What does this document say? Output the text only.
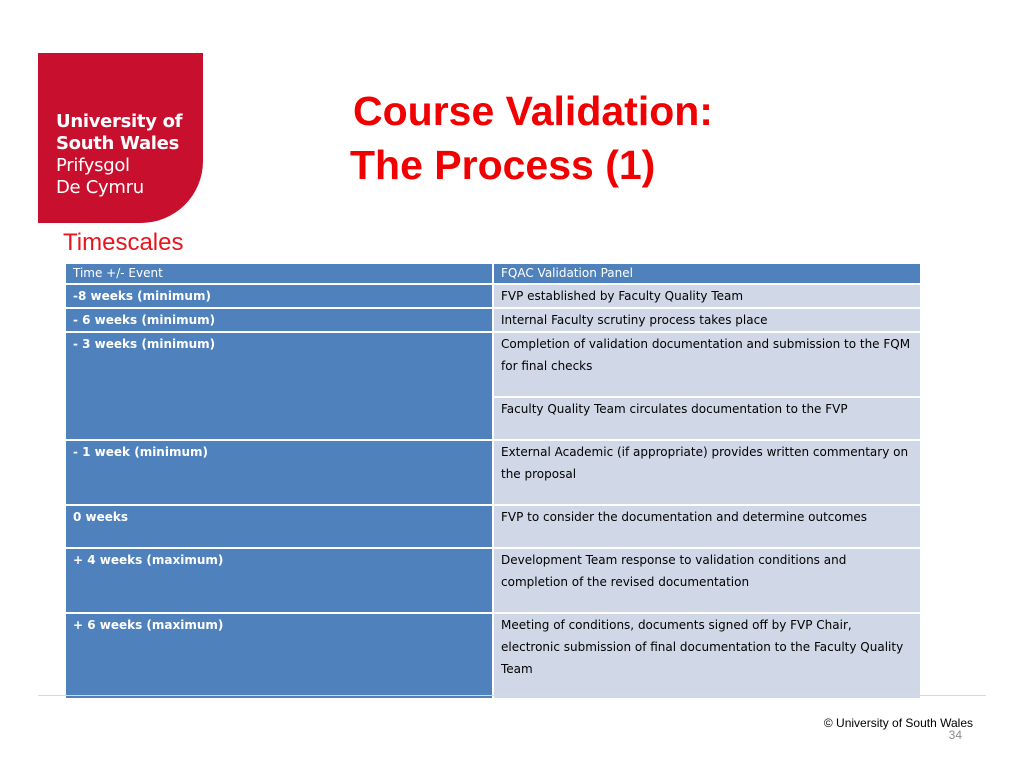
University of
South Wales
Prifysgol
De Cymru
Course Validation:
The Process (1)
Timescales
Time +/- Event	FQAC Validation Panel
-8 weeks (minimum)	FVP established by Faculty Quality Team
- 6 weeks (minimum)	Internal Faculty scrutiny process takes place
- 3 weeks (minimum)	Completion of validation documentation and submission to the FQM for final checks
	Faculty Quality Team circulates documentation to the FVP
- 1 week (minimum)	External Academic (if appropriate) provides written commentary on the proposal
0 weeks	FVP to consider the documentation and determine outcomes
+ 4 weeks (maximum)	Development Team response to validation conditions and completion of the revised documentation
+ 6 weeks (maximum)	Meeting of conditions, documents signed off by FVP Chair, electronic submission of final documentation to the Faculty Quality Team
© University of South Wales
34
